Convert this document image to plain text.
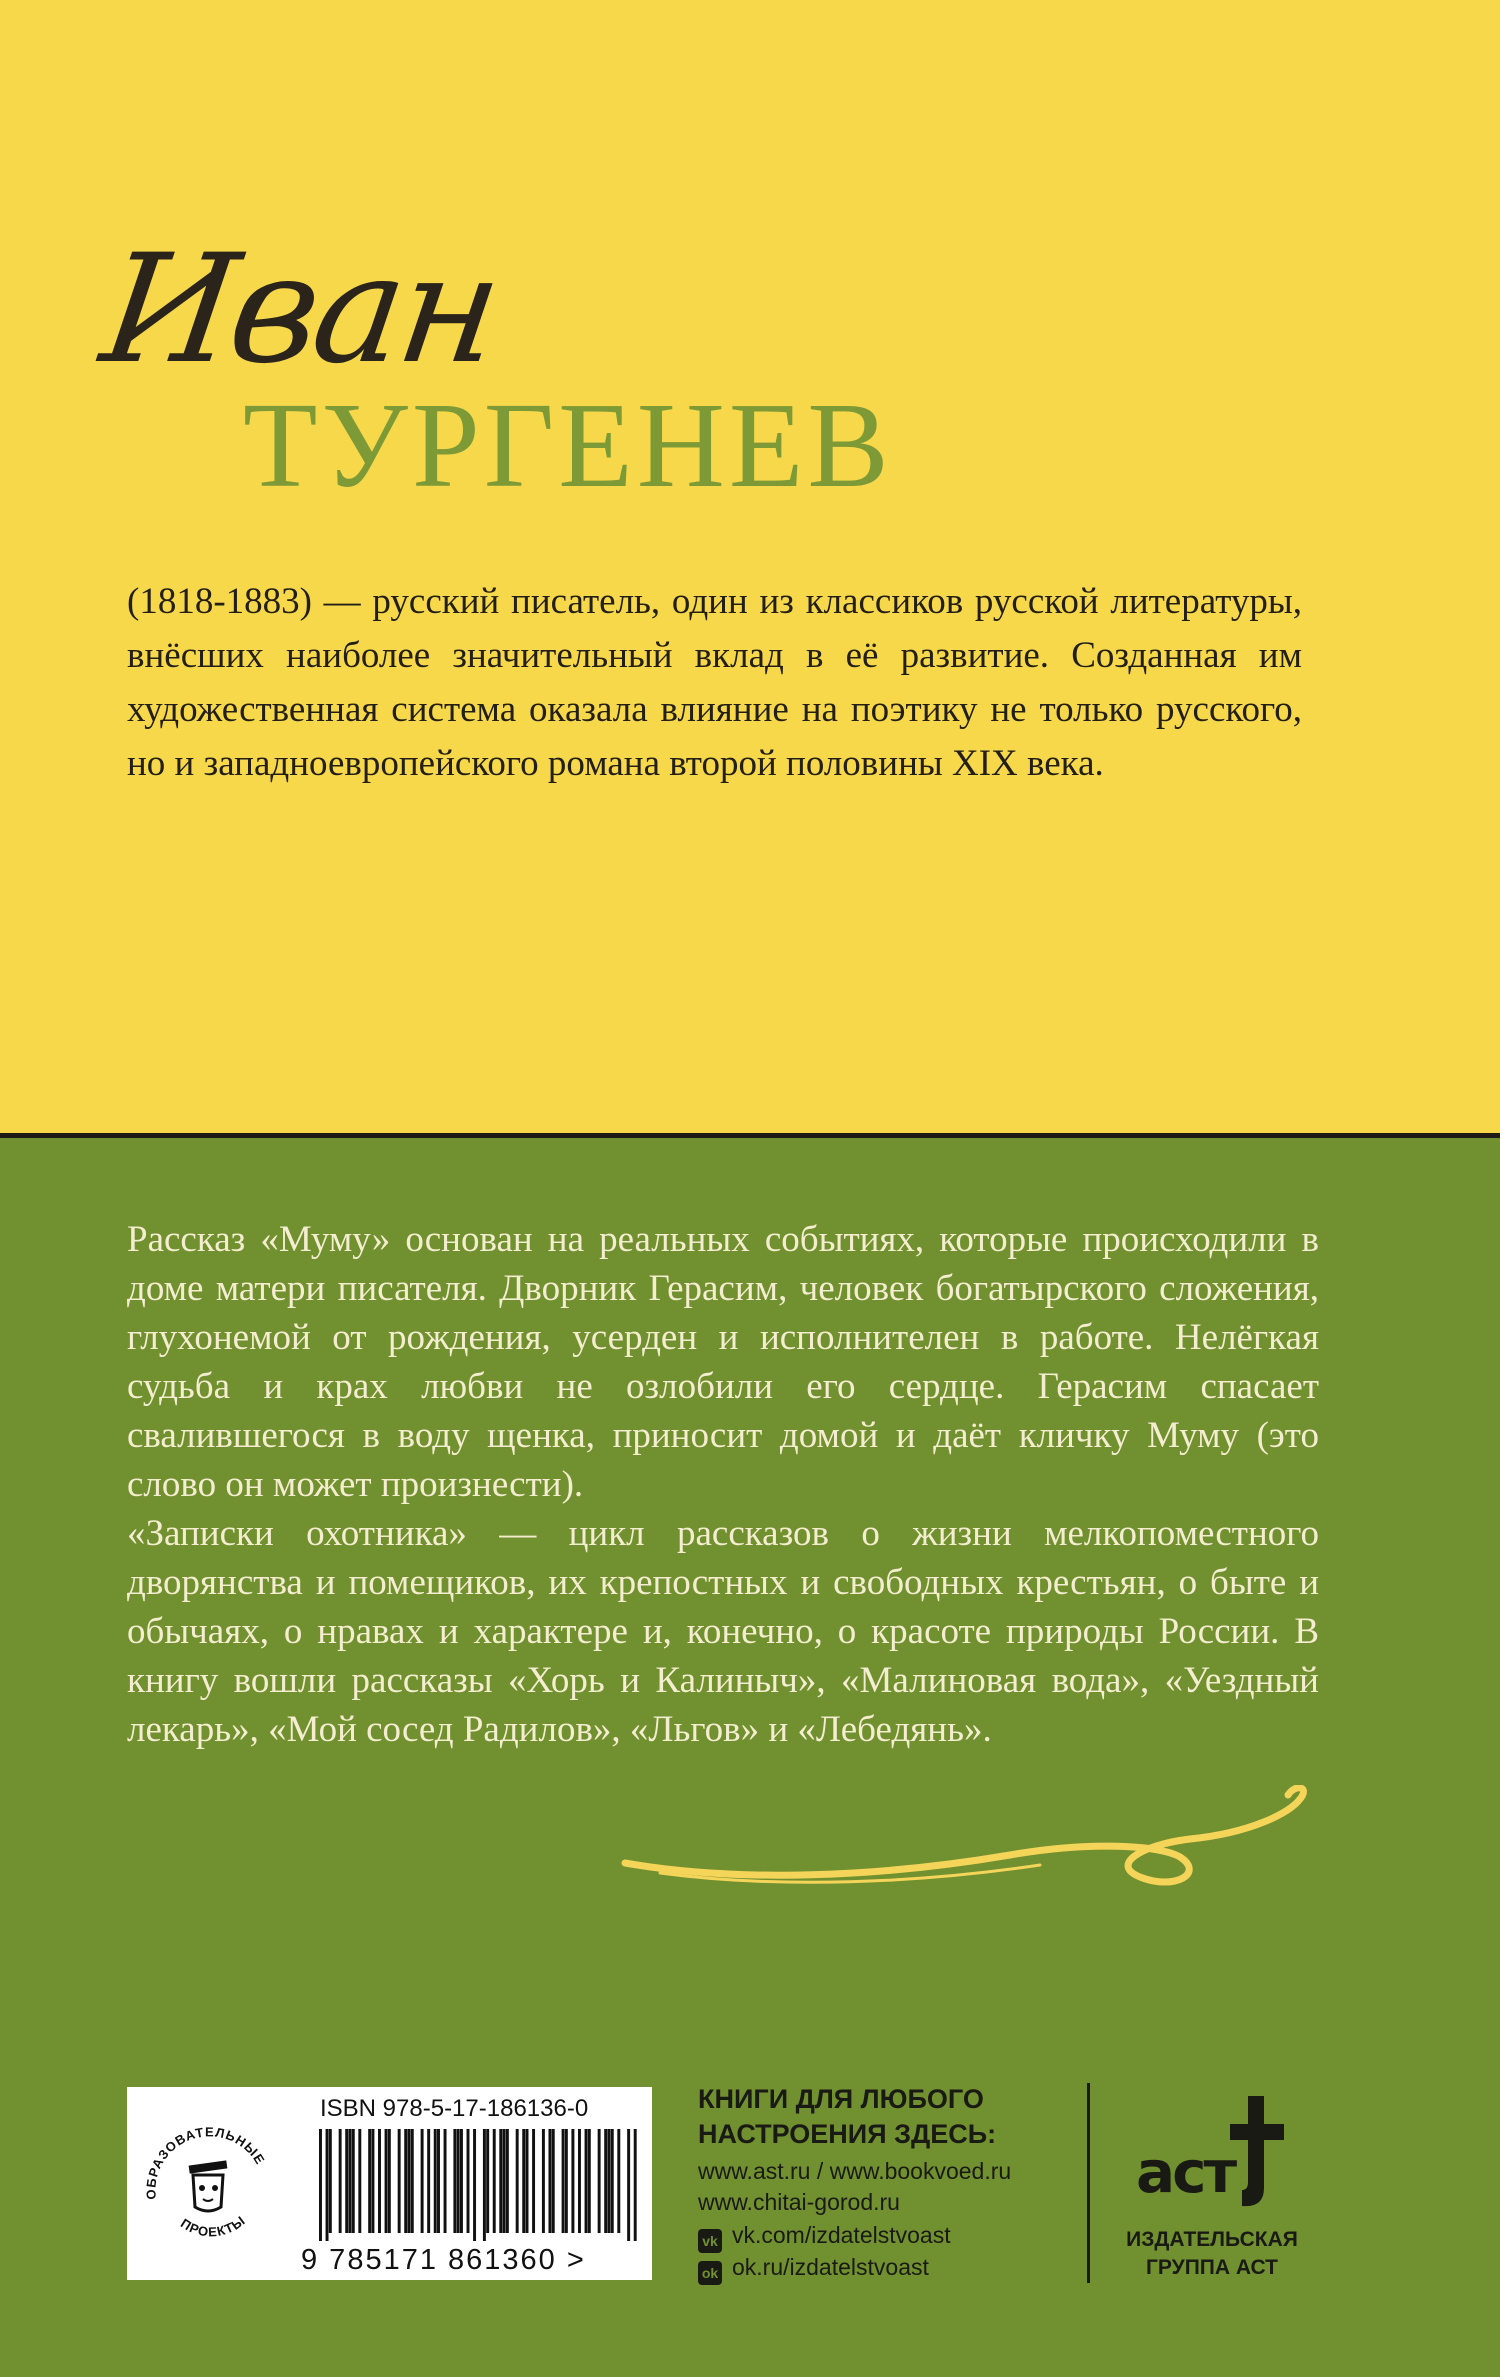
Иван
ТУРГЕНЕВ

(1818-1883) — русский писатель, один из классиков русской литературы, внёсших наиболее значительный вклад в её развитие. Созданная им художественная система оказала влияние на поэтику не только русского, но и западноевропейского романа второй половины XIX века.

Рассказ «Муму» основан на реальных событиях, которые происходили в доме матери писателя. Дворник Герасим, человек богатырского сложения, глухонемой от рождения, усерден и исполнителен в работе. Нелёгкая судьба и крах любви не озлобили его сердце. Герасим спасает свалившегося в воду щенка, приносит домой и даёт кличку Муму (это слово он может произнести).

«Записки охотника» — цикл рассказов о жизни мелкопоместного дворянства и помещиков, их крепостных и свободных крестьян, о быте и обычаях, о нравах и характере и, конечно, о красоте природы России. В книгу вошли рассказы «Хорь и Калиныч», «Малиновая вода», «Уездный лекарь», «Мой сосед Радилов», «Льгов» и «Лебедянь».

ОБРАЗОВАТЕЛЬНЫЕ
ПРОЕКТЫ
ISBN 978-5-17-186136-0
9 785171 861360 >

КНИГИ ДЛЯ ЛЮБОГО
НАСТРОЕНИЯ ЗДЕСЬ:

www.ast.ru / www.bookvoed.ru
www.chitai-gorod.ru
vk vk.com/izdatelstvoast
ok ok.ru/izdatelstvoast
аст

ИЗДАТЕЛЬСКАЯ
ГРУППА АСТ
